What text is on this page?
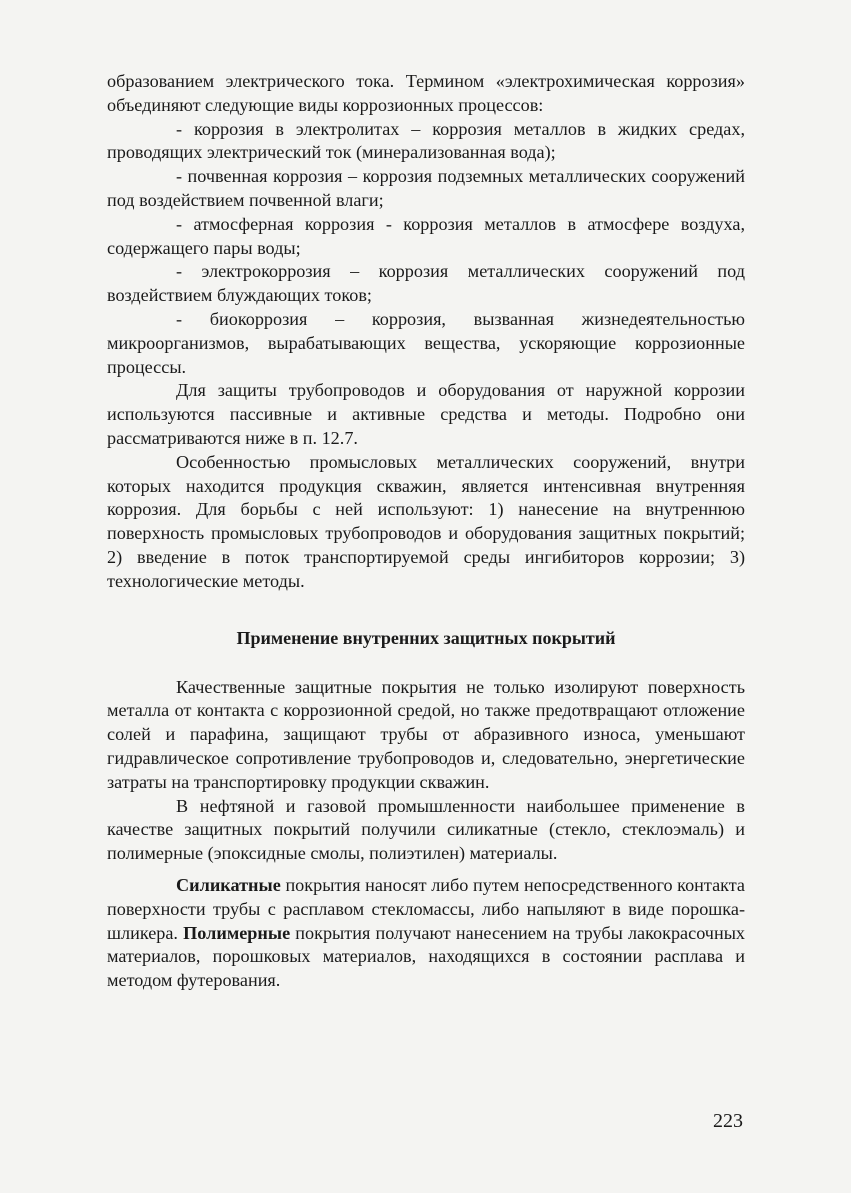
образованием электрического тока. Термином «электрохимическая коррозия» объединяют следующие виды коррозионных процессов:

- коррозия в электролитах – коррозия металлов в жидких средах, проводящих электрический ток (минерализованная вода);

- почвенная коррозия – коррозия подземных металлических сооружений под воздействием почвенной влаги;

- атмосферная коррозия - коррозия металлов в атмосфере воздуха, содержащего пары воды;

- электрокоррозия – коррозия металлических сооружений под воздействием блуждающих токов;

- биокоррозия – коррозия, вызванная жизнедеятельностью микроорганизмов, вырабатывающих вещества, ускоряющие коррозионные процессы.

Для защиты трубопроводов и оборудования от наружной коррозии используются пассивные и активные средства и методы. Подробно они рассматриваются ниже в п. 12.7.

Особенностью промысловых металлических сооружений, внутри которых находится продукция скважин, является интенсивная внутренняя коррозия. Для борьбы с ней используют: 1) нанесение на внутреннюю поверхность промысловых трубопроводов и оборудования защитных покрытий; 2) введение в поток транспортируемой среды ингибиторов коррозии; 3) технологические методы.

Применение внутренних защитных покрытий

Качественные защитные покрытия не только изолируют поверхность металла от контакта с коррозионной средой, но также предотвращают отложение солей и парафина, защищают трубы от абразивного износа, уменьшают гидравлическое сопротивление трубопроводов и, следовательно, энергетические затраты на транспортировку продукции скважин.

В нефтяной и газовой промышленности наибольшее применение в качестве защитных покрытий получили силикатные (стекло, стеклоэмаль) и полимерные (эпоксидные смолы, полиэтилен) материалы.

Силикатные покрытия наносят либо путем непосредственного контакта поверхности трубы с расплавом стекломассы, либо напыляют в виде порошка-шликера. Полимерные покрытия получают нанесением на трубы лакокрасочных материалов, порошковых материалов, находящихся в состоянии расплава и методом футерования.

223
